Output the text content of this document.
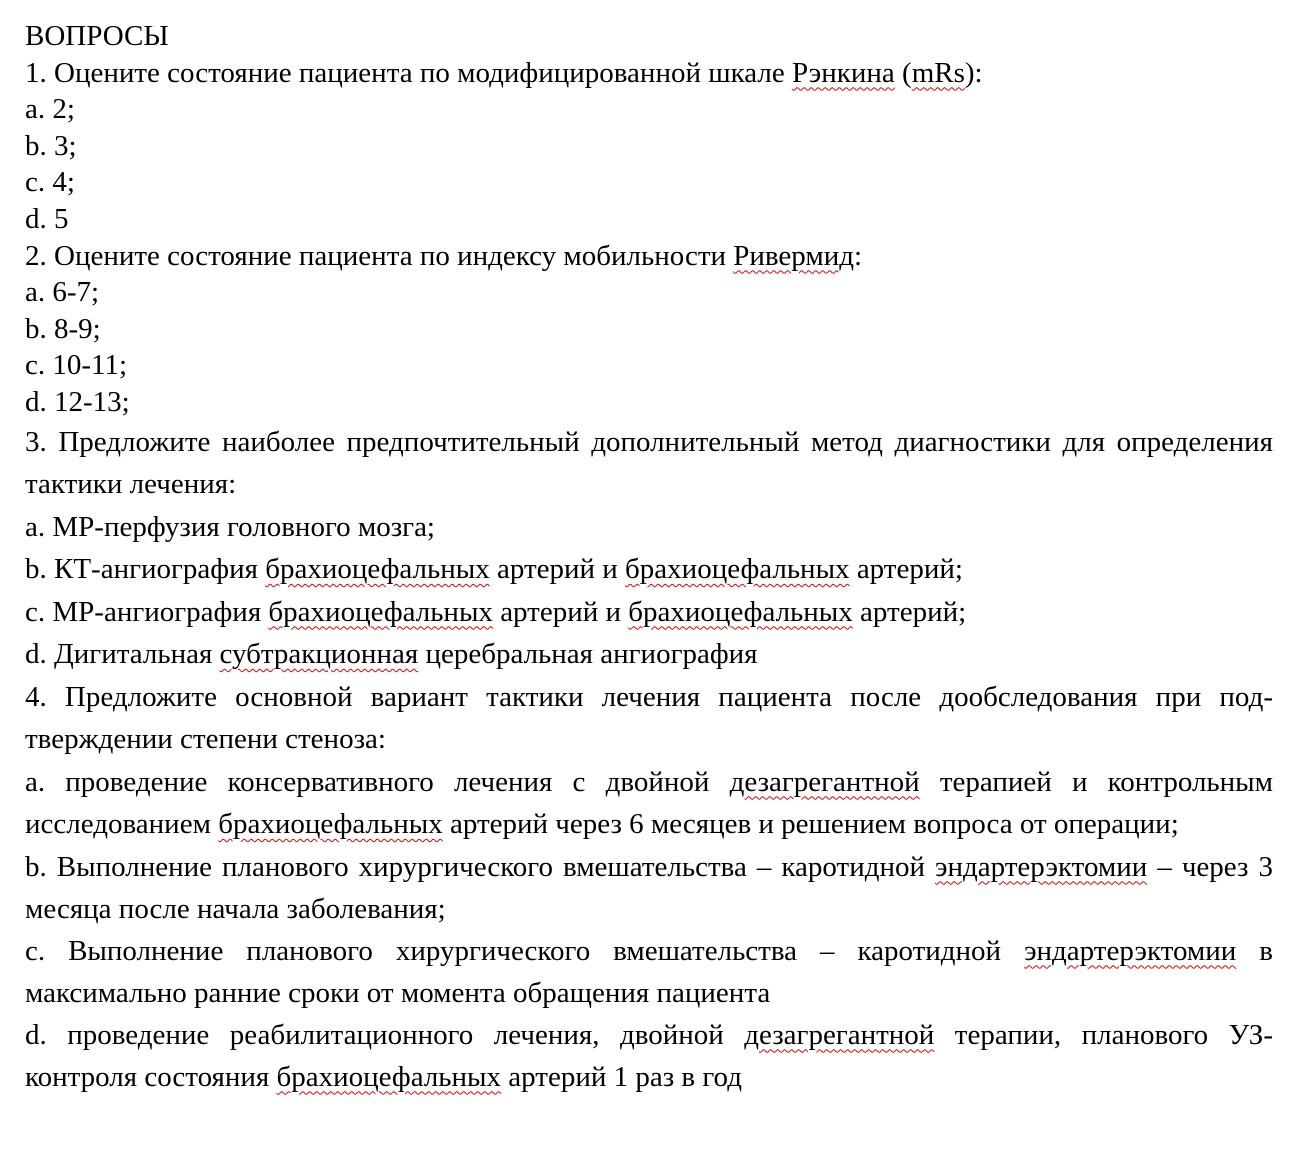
ВОПРОСЫ
1. Оцените состояние пациента по модифицированной шкале Рэнкина (mRs):
a. 2;
b. 3;
c. 4;
d. 5
2. Оцените состояние пациента по индексу мобильности Ривермид:
a. 6-7;
b. 8-9;
c. 10-11;
d. 12-13;
3. Предложите наиболее предпочтительный дополнительный метод диагностики для определения тактики лечения:
a. МР-перфузия головного мозга;
b. КТ-ангиография брахиоцефальных артерий и брахиоцефальных артерий;
c. МР-ангиография брахиоцефальных артерий и брахиоцефальных артерий;
d. Дигитальная субтракционная церебральная ангиография
4. Предложите основной вариант тактики лечения пациента после дообследования при подтверждении степени стеноза:
a. проведение консервативного лечения с двойной дезагрегантной терапией и контрольным исследованием брахиоцефальных артерий через 6 месяцев и решением вопроса от операции;
b. Выполнение планового хирургического вмешательства – каротидной эндартерэктомии – через 3 месяца после начала заболевания;
c. Выполнение планового хирургического вмешательства – каротидной эндартерэктомии в максимально ранние сроки от момента обращения пациента
d. проведение реабилитационного лечения, двойной дезагрегантной терапии, планового УЗ-контроля состояния брахиоцефальных артерий 1 раз в год
